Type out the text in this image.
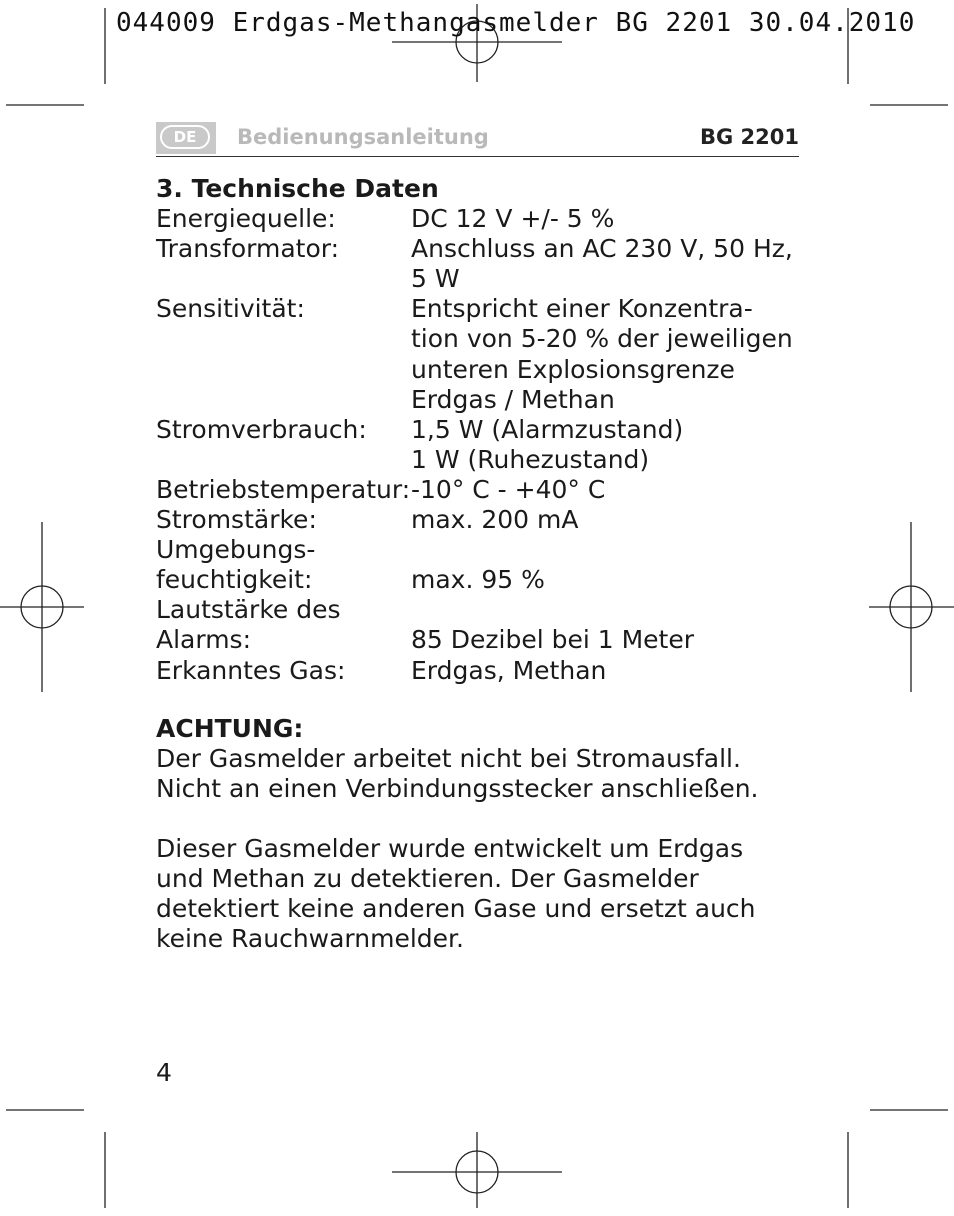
044009 Erdgas-Methangasmelder BG 2201 30.04.2010
DE	Bedienungsanleitung	BG 2201
3. Technische Daten
Energiequelle:	DC 12 V +/- 5 %
Transformator:	Anschluss an AC 230 V, 50 Hz,
5 W
Sensitivität:	Entspricht einer Konzentra-
tion von 5-20 % der jeweiligen
unteren Explosionsgrenze
Erdgas / Methan
Stromverbrauch:	1,5 W (Alarmzustand)
1 W (Ruhezustand)
Betriebstemperatur: -10° C - +40° C
Stromstärke:	max. 200 mA
Umgebungs-
feuchtigkeit:	max. 95 %
Lautstärke des
Alarms:	85 Dezibel bei 1 Meter
Erkanntes Gas:	Erdgas, Methan
ACHTUNG:
Der Gasmelder arbeitet nicht bei Stromausfall.
Nicht an einen Verbindungsstecker anschließen.
Dieser Gasmelder wurde entwickelt um Erdgas
und Methan zu detektieren. Der Gasmelder
detektiert keine anderen Gase und ersetzt auch
keine Rauchwarnmelder.
4
